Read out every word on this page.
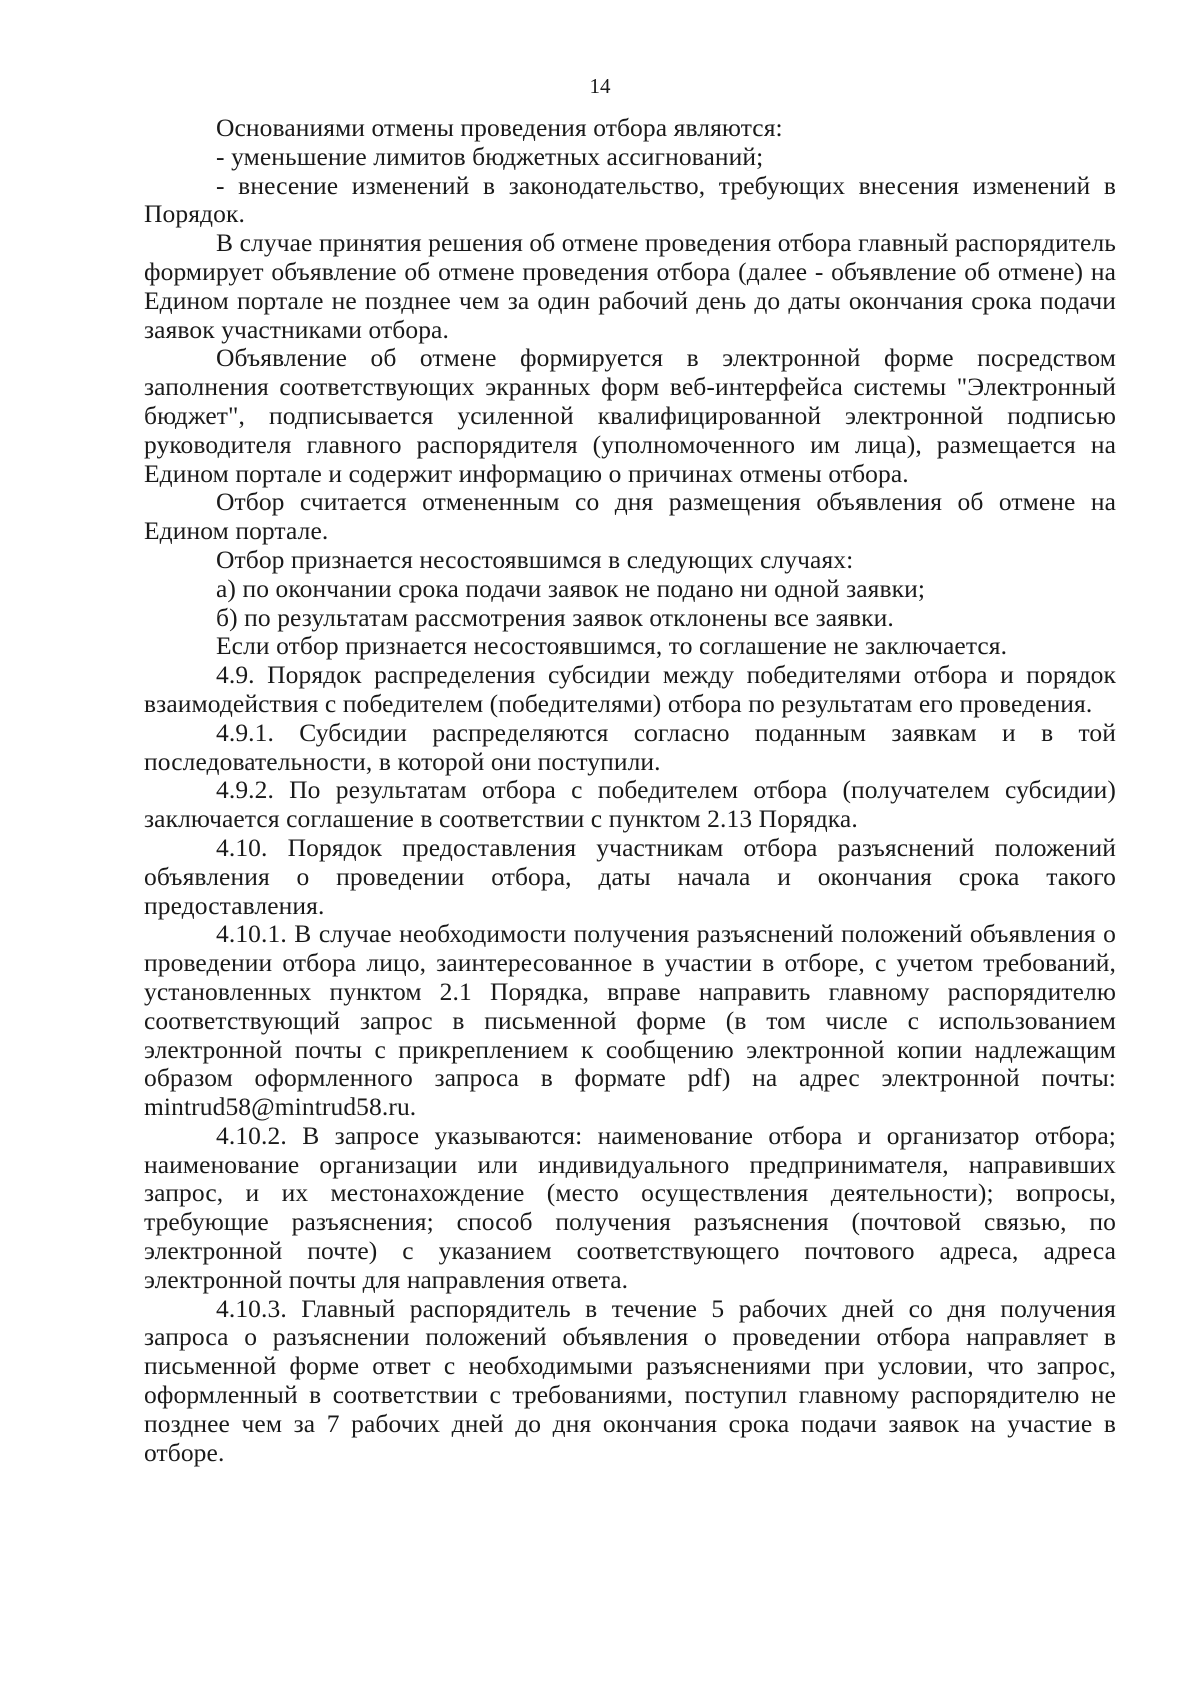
14

Основаниями отмены проведения отбора являются:

- уменьшение лимитов бюджетных ассигнований;

- внесение изменений в законодательство, требующих внесения изменений в Порядок.

В случае принятия решения об отмене проведения отбора главный распорядитель формирует объявление об отмене проведения отбора (далее - объявление об отмене) на Едином портале не позднее чем за один рабочий день до даты окончания срока подачи заявок участниками отбора.

Объявление об отмене формируется в электронной форме посредством заполнения соответствующих экранных форм веб-интерфейса системы "Электронный бюджет", подписывается усиленной квалифицированной электронной подписью руководителя главного распорядителя (уполномоченного им лица), размещается на Едином портале и содержит информацию о причинах отмены отбора.

Отбор считается отмененным со дня размещения объявления об отмене на Едином портале.

Отбор признается несостоявшимся в следующих случаях:

а) по окончании срока подачи заявок не подано ни одной заявки;

б) по результатам рассмотрения заявок отклонены все заявки.

Если отбор признается несостоявшимся, то соглашение не заключается.

4.9. Порядок распределения субсидии между победителями отбора и порядок взаимодействия с победителем (победителями) отбора по результатам его проведения.

4.9.1. Субсидии распределяются согласно поданным заявкам и в той последовательности, в которой они поступили.

4.9.2. По результатам отбора с победителем отбора (получателем субсидии) заключается соглашение в соответствии с пунктом 2.13 Порядка.

4.10. Порядок предоставления участникам отбора разъяснений положений объявления о проведении отбора, даты начала и окончания срока такого предоставления.

4.10.1. В случае необходимости получения разъяснений положений объявления о проведении отбора лицо, заинтересованное в участии в отборе, с учетом требований, установленных пунктом 2.1 Порядка, вправе направить главному распорядителю соответствующий запрос в письменной форме (в том числе с использованием электронной почты с прикреплением к сообщению электронной копии надлежащим образом оформленного запроса в формате pdf) на адрес электронной почты: mintrud58@mintrud58.ru.

4.10.2. В запросе указываются: наименование отбора и организатор отбора; наименование организации или индивидуального предпринимателя, направивших запрос, и их местонахождение (место осуществления деятельности); вопросы, требующие разъяснения; способ получения разъяснения (почтовой связью, по электронной почте) с указанием соответствующего почтового адреса, адреса электронной почты для направления ответа.

4.10.3. Главный распорядитель в течение 5 рабочих дней со дня получения запроса о разъяснении положений объявления о проведении отбора направляет в письменной форме ответ с необходимыми разъяснениями при условии, что запрос, оформленный в соответствии с требованиями, поступил главному распорядителю не позднее чем за 7 рабочих дней до дня окончания срока подачи заявок на участие в отборе.
